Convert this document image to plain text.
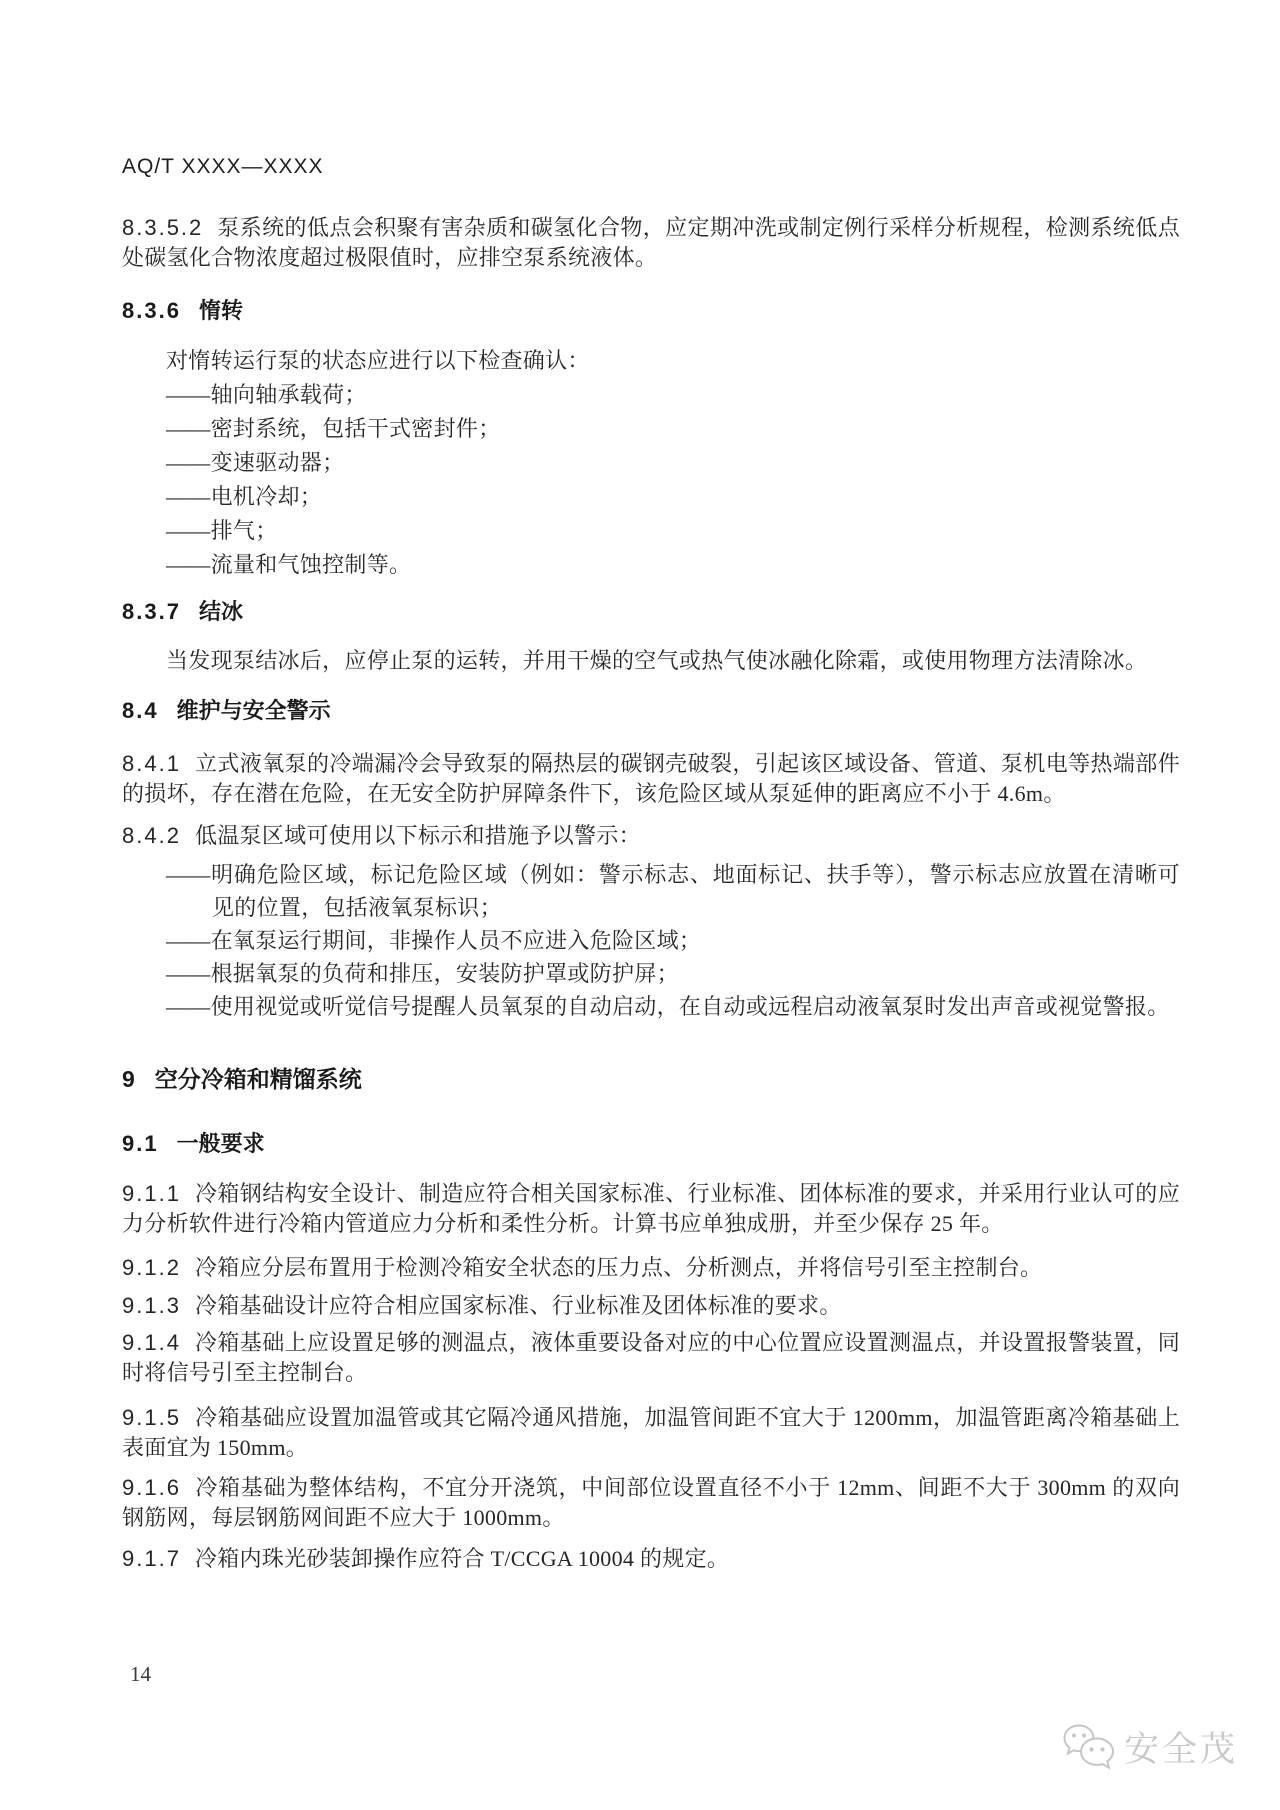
AQ/T XXXX—XXXX

8.3.5.2 泵系统的低点会积聚有害杂质和碳氢化合物，应定期冲洗或制定例行采样分析规程，检测系统低点处碳氢化合物浓度超过极限值时，应排空泵系统液体。

8.3.6 惰转

对惰转运行泵的状态应进行以下检查确认：

——轴向轴承载荷；
——密封系统，包括干式密封件；
——变速驱动器；
——电机冷却；
——排气；
——流量和气蚀控制等。
8.3.7 结冰

当发现泵结冰后，应停止泵的运转，并用干燥的空气或热气使冰融化除霜，或使用物理方法清除冰。

8.4 维护与安全警示

8.4.1 立式液氧泵的冷端漏冷会导致泵的隔热层的碳钢壳破裂，引起该区域设备、管道、泵机电等热端部件的损坏，存在潜在危险，在无安全防护屏障条件下，该危险区域从泵延伸的距离应不小于 4.6m。

8.4.2 低温泵区域可使用以下标示和措施予以警示：

——明确危险区域，标记危险区域（例如：警示标志、地面标记、扶手等），警示标志应放置在清晰可见的位置，包括液氧泵标识；
——在氧泵运行期间，非操作人员不应进入危险区域；
——根据氧泵的负荷和排压，安装防护罩或防护屏；
——使用视觉或听觉信号提醒人员氧泵的自动启动，在自动或远程启动液氧泵时发出声音或视觉警报。
9 空分冷箱和精馏系统
9.1 一般要求

9.1.1 冷箱钢结构安全设计、制造应符合相关国家标准、行业标准、团体标准的要求，并采用行业认可的应力分析软件进行冷箱内管道应力分析和柔性分析。计算书应单独成册，并至少保存 25 年。

9.1.2 冷箱应分层布置用于检测冷箱安全状态的压力点、分析测点，并将信号引至主控制台。

9.1.3 冷箱基础设计应符合相应国家标准、行业标准及团体标准的要求。

9.1.4 冷箱基础上应设置足够的测温点，液体重要设备对应的中心位置应设置测温点，并设置报警装置，同时将信号引至主控制台。

9.1.5 冷箱基础应设置加温管或其它隔冷通风措施，加温管间距不宜大于 1200mm，加温管距离冷箱基础上表面宜为 150mm。

9.1.6 冷箱基础为整体结构，不宜分开浇筑，中间部位设置直径不小于 12mm、间距不大于 300mm 的双向钢筋网，每层钢筋网间距不应大于 1000mm。

9.1.7 冷箱内珠光砂装卸操作应符合 T/CCGA 10004 的规定。

14
安全茂
